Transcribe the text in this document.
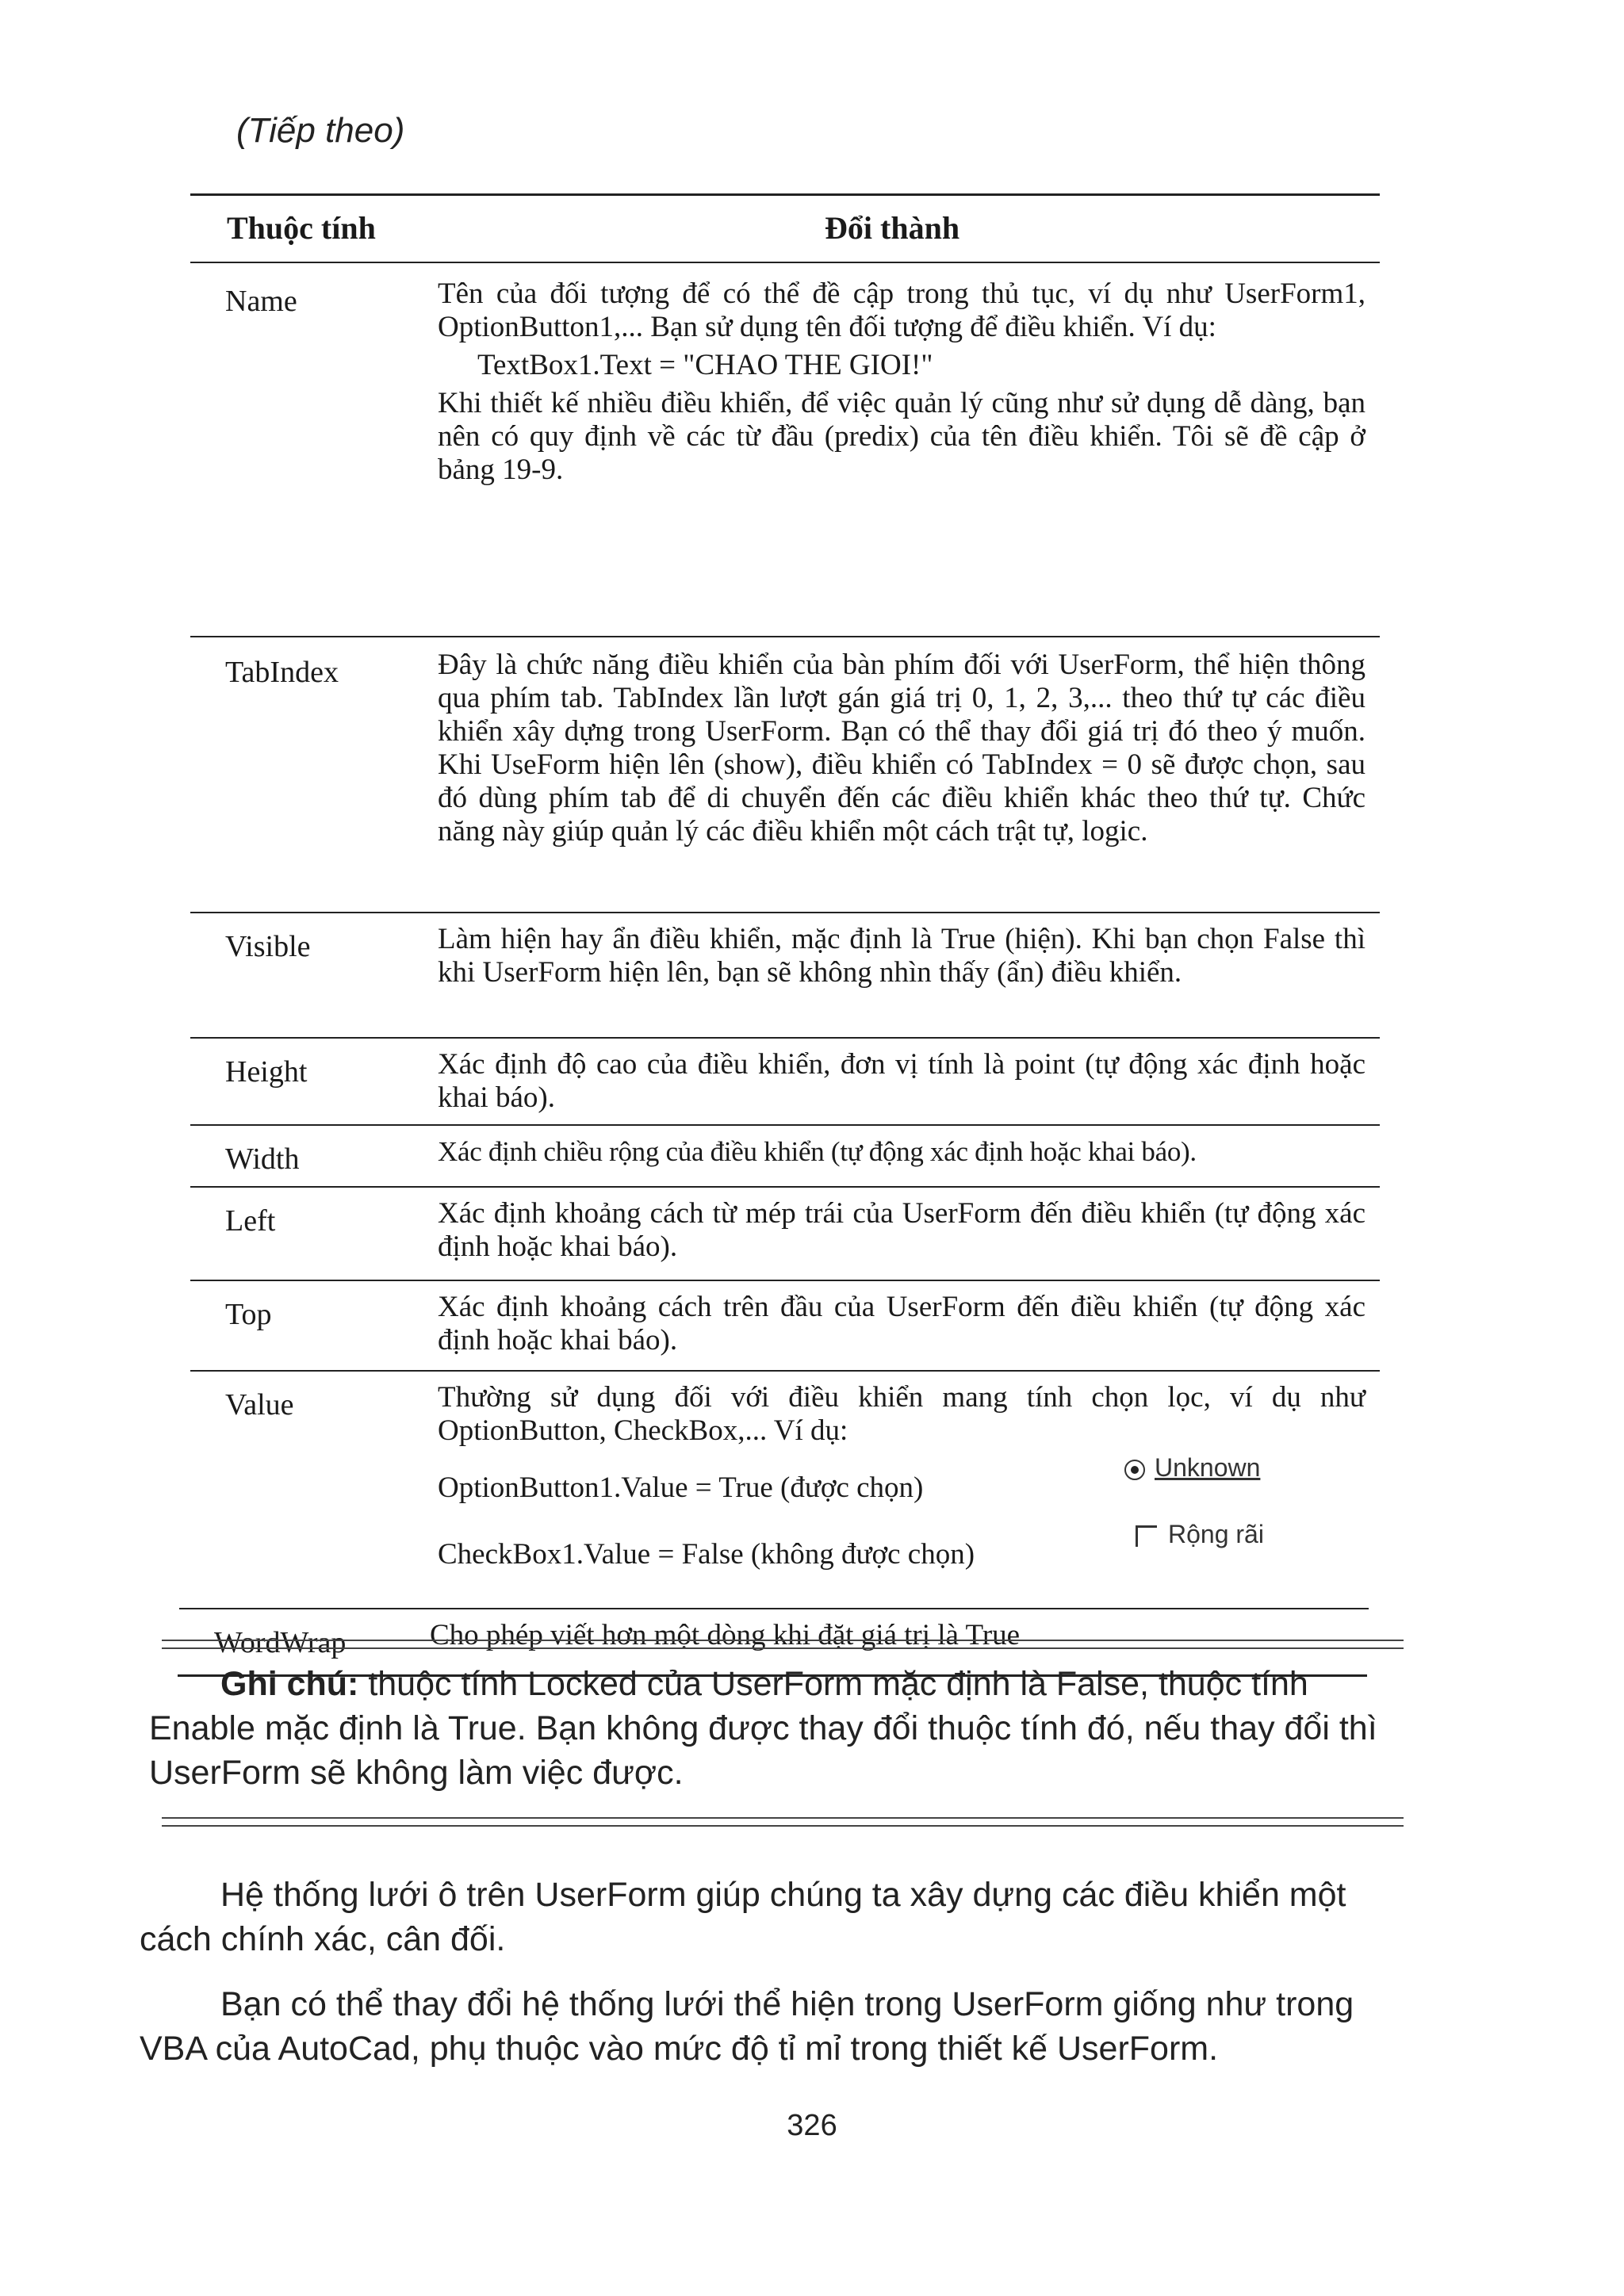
(Tiếp theo)
Thuộc tính	Đổi thành
Name	Tên của đối tượng để có thể đề cập trong thủ tục, ví dụ như UserForm1, OptionButton1,... Bạn sử dụng tên đối tượng để điều khiển. Ví dụ:

TextBox1.Text = "CHAO THE GIOI!"

Khi thiết kế nhiều điều khiển, để việc quản lý cũng như sử dụng dễ dàng, bạn nên có quy định về các từ đầu (predix) của tên điều khiển. Tôi sẽ đề cập ở bảng 19-9.

TabIndex	Đây là chức năng điều khiển của bàn phím đối với UserForm, thể hiện thông qua phím tab. TabIndex lần lượt gán giá trị 0, 1, 2, 3,... theo thứ tự các điều khiển xây dựng trong UserForm. Bạn có thể thay đổi giá trị đó theo ý muốn. Khi UseForm hiện lên (show), điều khiển có TabIndex = 0 sẽ được chọn, sau đó dùng phím tab để di chuyển đến các điều khiển khác theo thứ tự. Chức năng này giúp quản lý các điều khiển một cách trật tự, logic.
Visible	Làm hiện hay ẩn điều khiển, mặc định là True (hiện). Khi bạn chọn False thì khi UserForm hiện lên, bạn sẽ không nhìn thấy (ẩn) điều khiển.
Height	Xác định độ cao của điều khiển, đơn vị tính là point (tự động xác định hoặc khai báo).
Width	Xác định chiều rộng của điều khiển (tự động xác định hoặc khai báo).
Left	Xác định khoảng cách từ mép trái của UserForm đến điều khiển (tự động xác định hoặc khai báo).
Top	Xác định khoảng cách trên đầu của UserForm đến điều khiển (tự động xác định hoặc khai báo).
Value	Thường sử dụng đối với điều khiển mang tính chọn lọc, ví dụ như OptionButton, CheckBox,... Ví dụ:

OptionButton1.Value = True (được chọn)
Unknown
CheckBox1.Value = False (không được chọn)
Rộng rãi
WordWrap	Cho phép viết hơn một dòng khi đặt giá trị là True
Ghi chú: thuộc tính Locked của UserForm mặc định là False, thuộc tính Enable mặc định là True. Bạn không được thay đổi thuộc tính đó, nếu thay đổi thì UserForm sẽ không làm việc được.
Hệ thống lưới ô trên UserForm giúp chúng ta xây dựng các điều khiển một cách chính xác, cân đối.
Bạn có thể thay đổi hệ thống lưới thể hiện trong UserForm giống như trong VBA của AutoCad, phụ thuộc vào mức độ tỉ mỉ trong thiết kế UserForm.
326
